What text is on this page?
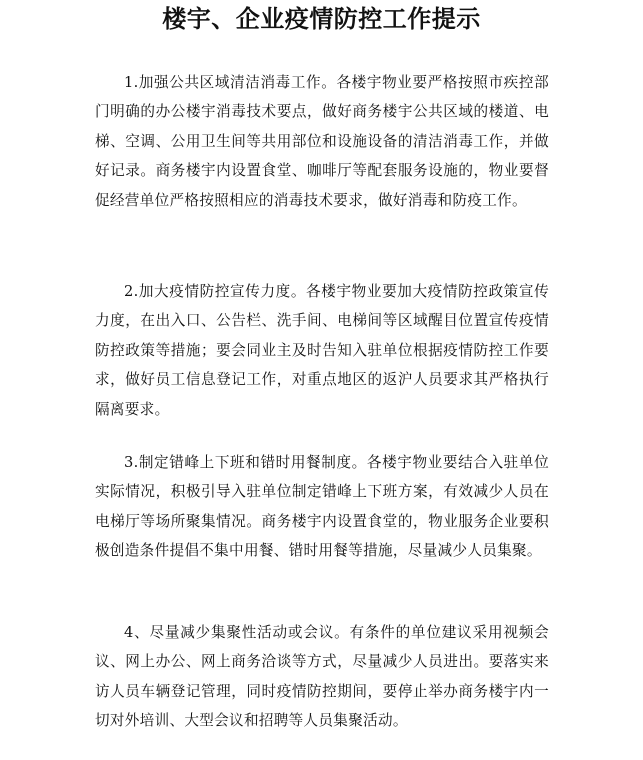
楼宇、企业疫情防控工作提示

1.加强公共区域清洁消毒工作。各楼宇物业要严格按照市疾控部门明确的办公楼宇消毒技术要点，做好商务楼宇公共区域的楼道、电梯、空调、公用卫生间等共用部位和设施设备的清洁消毒工作，并做好记录。商务楼宇内设置食堂、咖啡厅等配套服务设施的，物业要督促经营单位严格按照相应的消毒技术要求，做好消毒和防疫工作。

2.加大疫情防控宣传力度。各楼宇物业要加大疫情防控政策宣传力度，在出入口、公告栏、洗手间、电梯间等区域醒目位置宣传疫情防控政策等措施；要会同业主及时告知入驻单位根据疫情防控工作要求，做好员工信息登记工作，对重点地区的返沪人员要求其严格执行隔离要求。

3.制定错峰上下班和错时用餐制度。各楼宇物业要结合入驻单位实际情况，积极引导入驻单位制定错峰上下班方案，有效减少人员在电梯厅等场所聚集情况。商务楼宇内设置食堂的，物业服务企业要积极创造条件提倡不集中用餐、错时用餐等措施，尽量减少人员集聚。

4、尽量减少集聚性活动或会议。有条件的单位建议采用视频会议、网上办公、网上商务洽谈等方式，尽量减少人员进出。要落实来访人员车辆登记管理，同时疫情防控期间，要停止举办商务楼宇内一切对外培训、大型会议和招聘等人员集聚活动。
